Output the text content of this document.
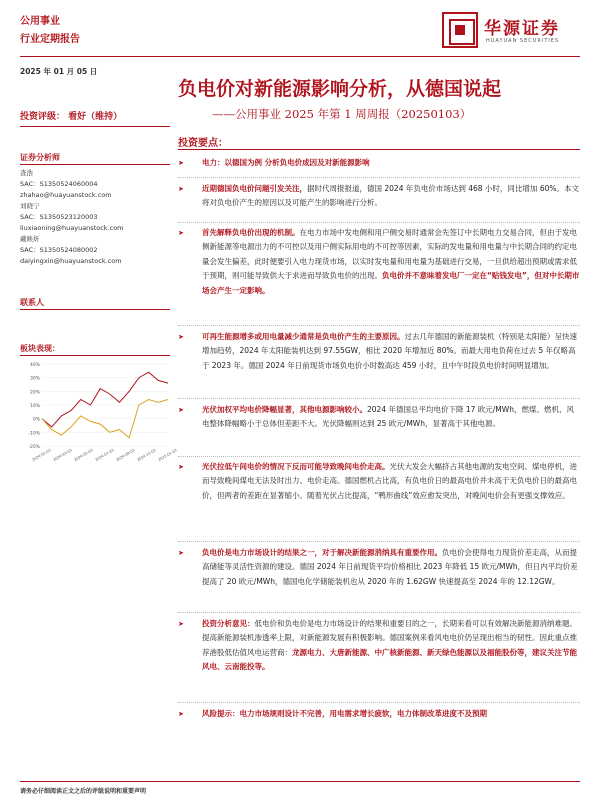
公用事业
行业定期报告
2025 年 01 月 05 日
华源证券
HUAYUAN SECURITIES
负电价对新能源影响分析，从德国说起
——公用事业 2025 年第 1 周周报（20250103）
投资评级： 看好（维持）
证券分析师
查浩
SAC：S1350524060004
zhahao@huayuanstock.com
刘晓宁
SAC：S1350523120003
liuxiaoning@huayuanstock.com
戴映炘
SAC：S1350524080002
daiyingxin@huayuanstock.com
联系人
板块表现：
40%
30%
20%
10%
0%
-10%
-20%
2024-01-03 2024-03-03 2024-05-03 2024-07-03 2024-09-03 2024-11-03 2025-01-03
投资要点：
➤ 电力：以德国为例 分析负电价成因及对新能源影响
➤ 近期德国负电价问题引发关注，据时代周报报道，德国 2024 年负电价市场达到 468 小时，同比增加 60%。本文将对负电价产生的原因以及可能产生的影响进行分析。
➤ 首先解释负电价出现的机制。在电力市场中发电侧和用户侧交易时通常会先签订中长期电力交易合同，但由于发电侧新能源等电源出力的不可控以及用户侧实际用电的不可控等因素，实际的发电量和用电量与中长期合同的约定电量会发生偏差，此时便要引入电力现货市场，以实时发电量和用电量为基础进行交易，一旦供给超出预期或需求低于预期，则可能导致供大于求进而导致负电价的出现。负电价并不意味着发电厂一定在“贴钱发电”，但对中长期市场会产生一定影响。
➤ 可再生能源增多或用电量减少通常是负电价产生的主要原因。过去几年德国的新能源装机（特别是太阳能）呈快速增加趋势，2024 年太阳能装机达到 97.55GW，相比 2020 年增加近 80%。而最大用电负荷在过去 5 年仅略高于 2023 年。德国 2024 年日前现货市场负电价小时数高达 459 小时，且中午时段负电价时间明显增加。
➤ 光伏加权平均电价降幅显著，其他电源影响较小。2024 年德国总平均电价下降 17 欧元/MWh，燃煤、燃机、风电整体降幅略小于总体但差距不大。光伏降幅则达到 25 欧元/MWh，显著高于其他电源。
➤ 光伏拉低午间电价的情况下反而可能导致晚间电价走高。光伏大发会大幅挤占其他电源的发电空间、煤电停机，进而导致晚间煤电无法及时出力、电价走高。德国燃机占比高，有负电价日的最高电价并未高于无负电价日的最高电价，但两者的差距在显著缩小。随着光伏占比提高，“鸭形曲线”效应愈发突出，对晚间电价会有更强支撑效应。
➤ 负电价是电力市场设计的结果之一，对于解决新能源消纳具有重要作用。负电价会使得电力现货价差走高，从而提高储能等灵活性资源的建设。德国 2024 年日前现货平均价格相比 2023 年降低 15 欧元/MWh，但日内平均价差提高了 20 欧元/MWh，德国电化学储能装机也从 2020 年的 1.62GW 快速提高至 2024 年的 12.12GW。
➤ 投资分析意见：低电价和负电价是电力市场设计的结果和重要目的之一，长期来看可以有效解决新能源消纳难题、提高新能源装机渗透率上限，对新能源发展有积极影响。德国案例来看风电电价仍呈现出相当的韧性。因此重点推荐港股低估值风电运营商：龙源电力、大唐新能源、中广核新能源、新天绿色能源以及福能股份等，建议关注节能风电、云南能投等。
➤ 风险提示：电力市场规则设计不完善，用电需求增长疲软，电力体制改革进度不及预期
请务必仔细阅读正文之后的评级说明和重要声明
